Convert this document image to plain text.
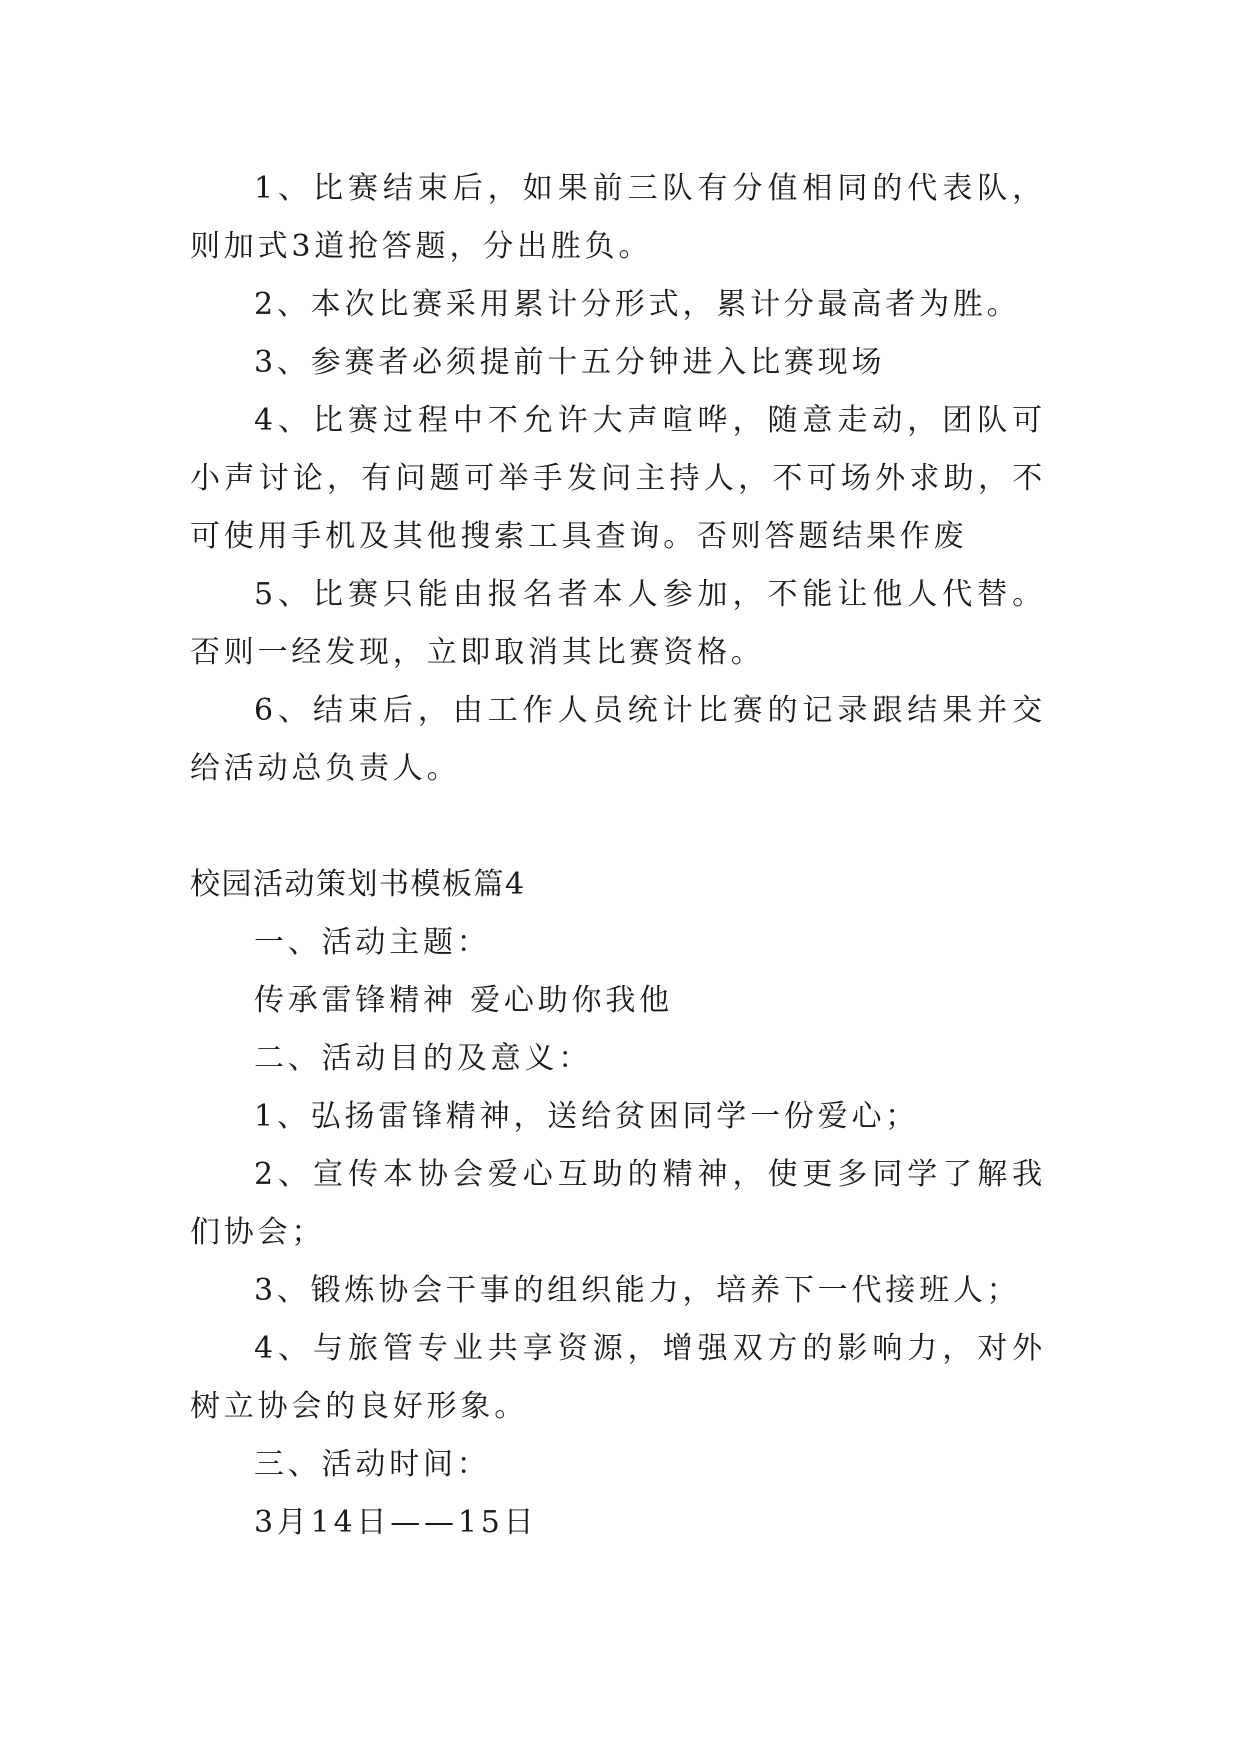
1、比赛结束后，如果前三队有分值相同的代表队，则加式3道抢答题，分出胜负。

2、本次比赛采用累计分形式，累计分最高者为胜。

3、参赛者必须提前十五分钟进入比赛现场

4、比赛过程中不允许大声喧哗，随意走动，团队可小声讨论，有问题可举手发问主持人，不可场外求助，不可使用手机及其他搜索工具查询。否则答题结果作废

5、比赛只能由报名者本人参加，不能让他人代替。否则一经发现，立即取消其比赛资格。

6、结束后，由工作人员统计比赛的记录跟结果并交给活动总负责人。

校园活动策划书模板篇4

一、活动主题：

传承雷锋精神 爱心助你我他

二、活动目的及意义：

1、弘扬雷锋精神，送给贫困同学一份爱心；

2、宣传本协会爱心互助的精神，使更多同学了解我们协会；

3、锻炼协会干事的组织能力，培养下一代接班人；

4、与旅管专业共享资源，增强双方的影响力，对外树立协会的良好形象。

三、活动时间：

3月14日——15日
